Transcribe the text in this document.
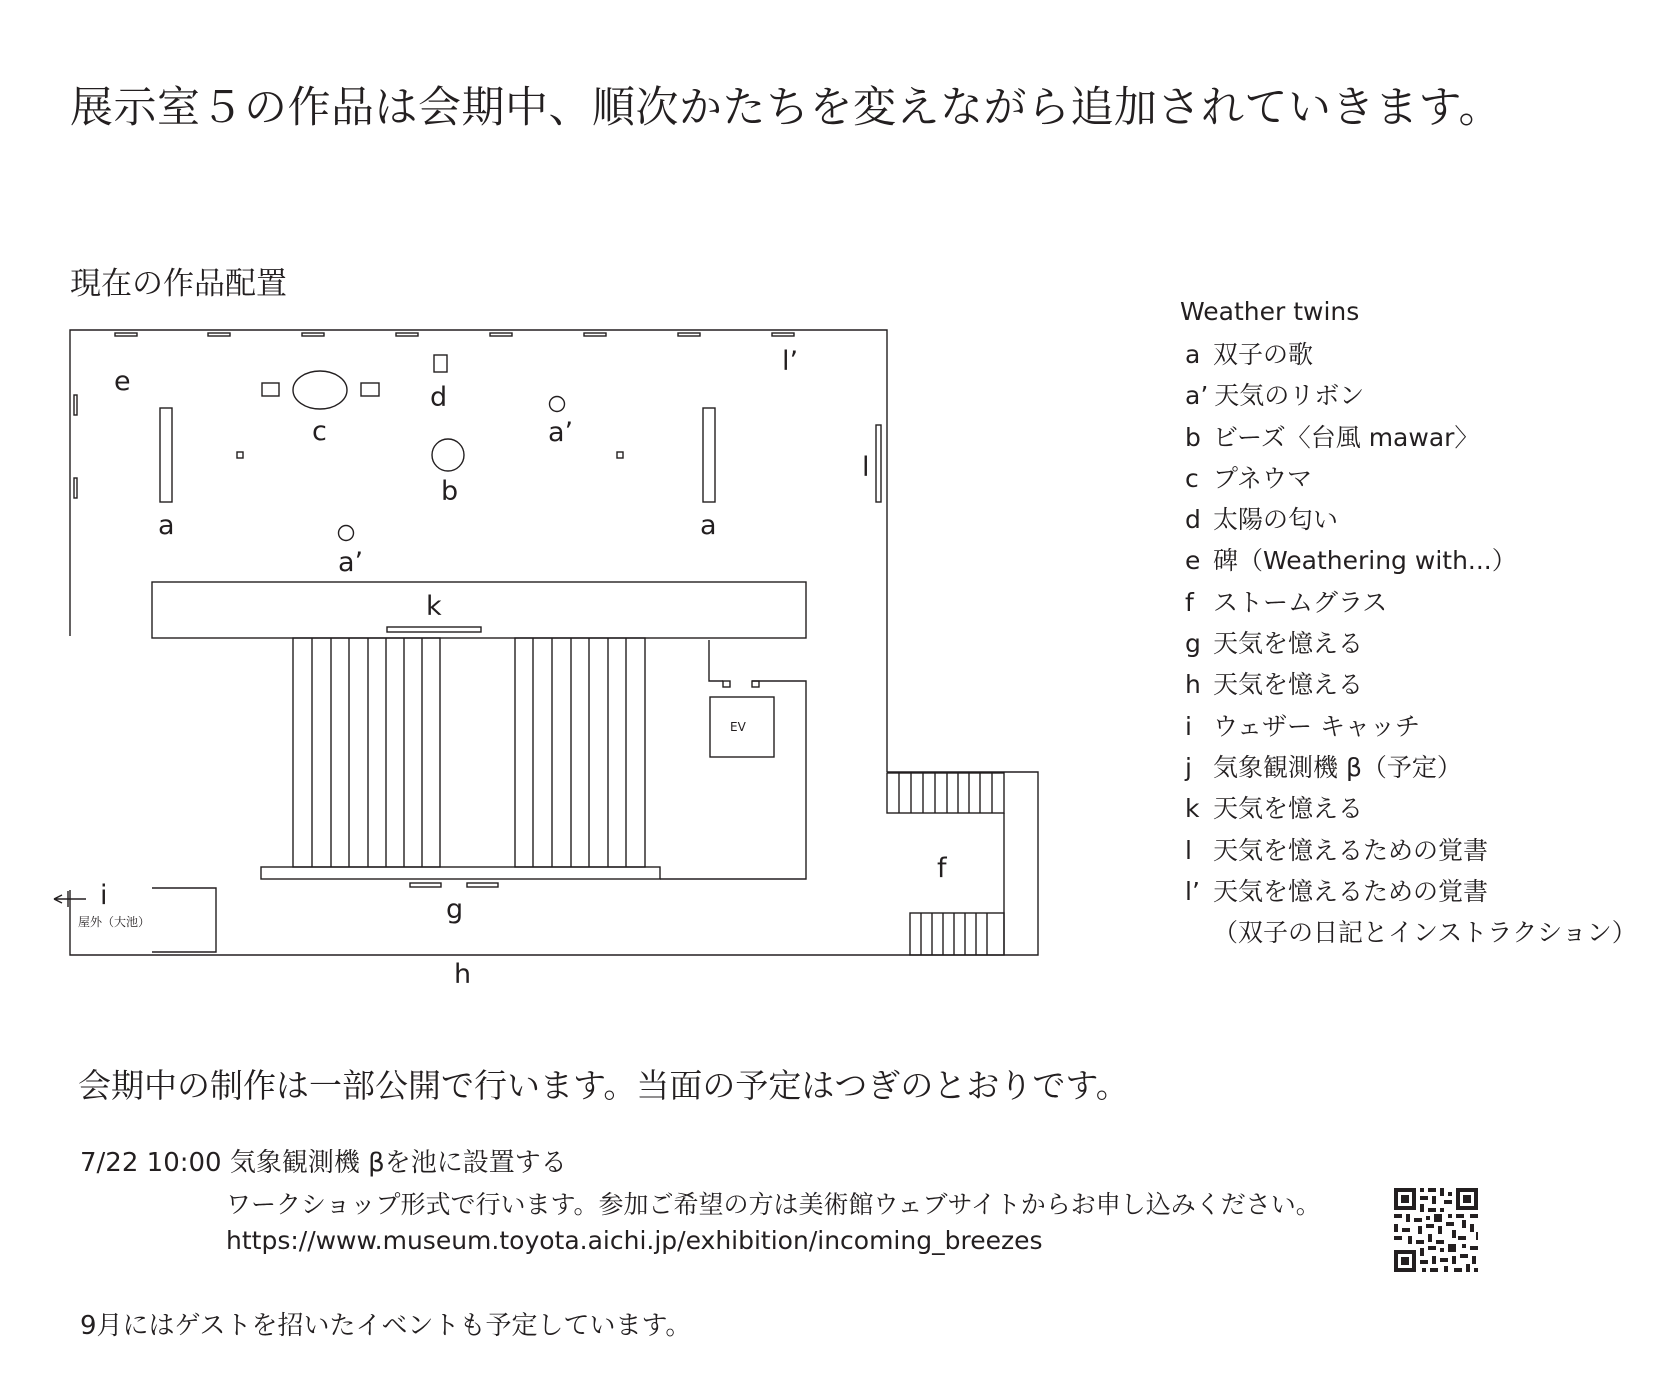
展示室５の作品は会期中、順次かたちを変えながら追加されていきます。
現在の作品配置
e
d
c
b
a	a
a’
a’
l’
l
k
f
g
h
i
EV
屋外（大池）
Weather twins
a 双子の歌
a’ 天気のリボン
b ビーズ〈台風 mawar〉
c プネウマ
d 太陽の匂い
e 碑（Weathering with...）
f ストームグラス
g 天気を憶える
h 天気を憶える
i ウェザー キャッチ
j 気象観測機 β（予定）
k 天気を憶える
l 天気を憶えるための覚書
l’ 天気を憶えるための覚書
（双子の日記とインストラクション）
会期中の制作は一部公開で行います。当面の予定はつぎのとおりです。
7/22 10:00 気象観測機 βを池に設置する
ワークショップ形式で行います。参加ご希望の方は美術館ウェブサイトからお申し込みください。
https://www.museum.toyota.aichi.jp/exhibition/incoming_breezes
9月にはゲストを招いたイベントも予定しています。
